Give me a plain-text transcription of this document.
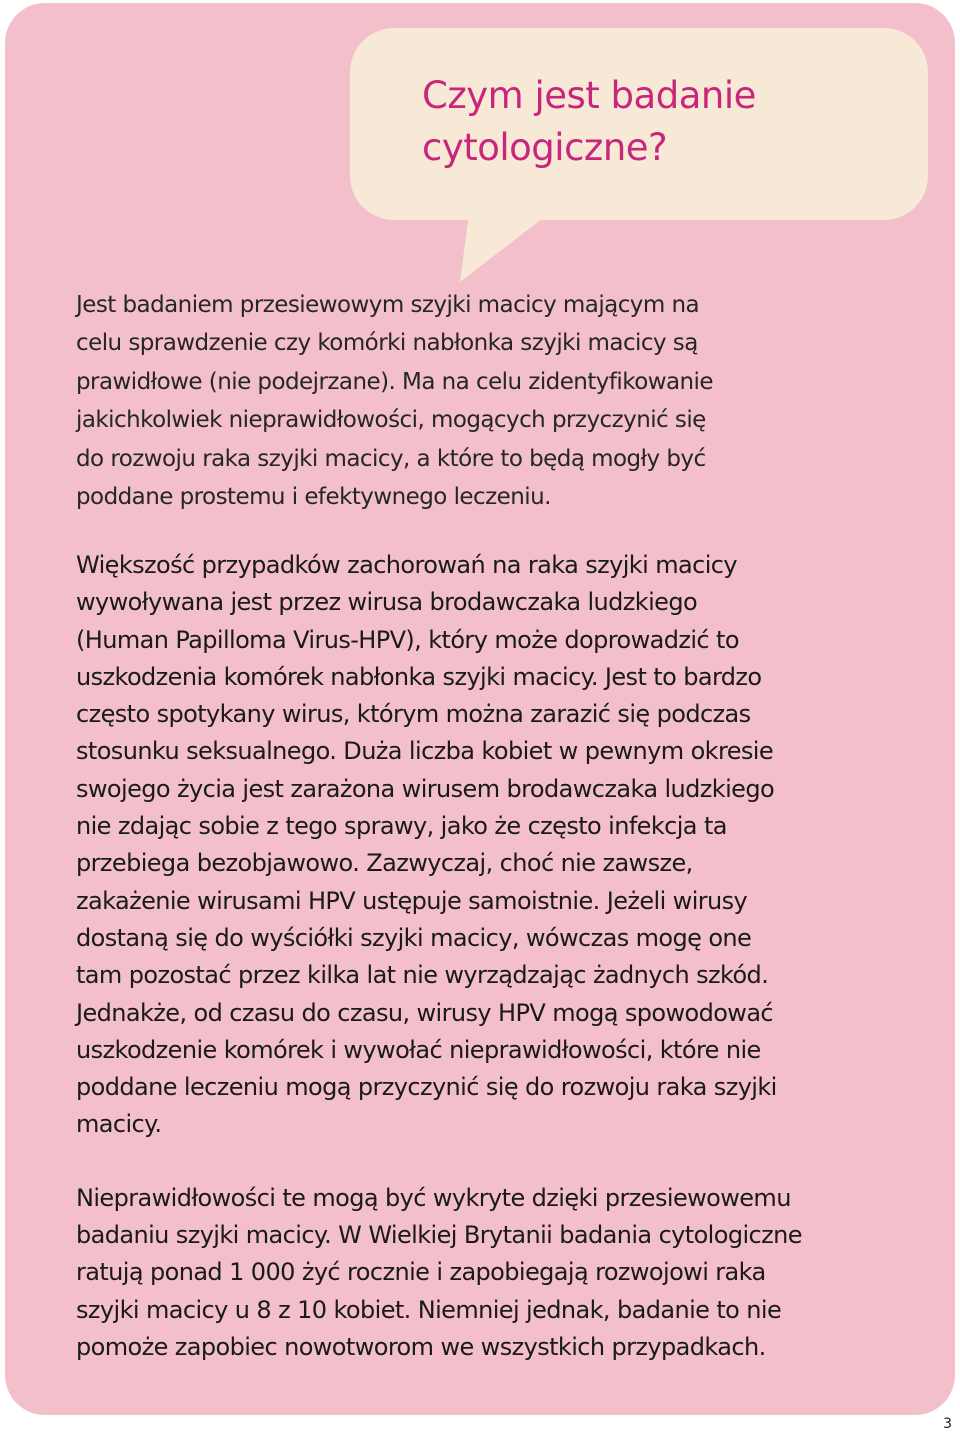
Czym jest badanie
cytologiczne?

Jest badaniem przesiewowym szyjki macicy mającym na
celu sprawdzenie czy komórki nabłonka szyjki macicy są
prawidłowe (nie podejrzane). Ma na celu zidentyfikowanie
jakichkolwiek nieprawidłowości, mogących przyczynić się
do rozwoju raka szyjki macicy, a które to będą mogły być
poddane prostemu i efektywnego leczeniu.

Większość przypadków zachorowań na raka szyjki macicy
wywoływana jest przez wirusa brodawczaka ludzkiego
(Human Papilloma Virus-HPV), który może doprowadzić to
uszkodzenia komórek nabłonka szyjki macicy. Jest to bardzo
często spotykany wirus, którym można zarazić się podczas
stosunku seksualnego. Duża liczba kobiet w pewnym okresie
swojego życia jest zarażona wirusem brodawczaka ludzkiego
nie zdając sobie z tego sprawy, jako że często infekcja ta
przebiega bezobjawowo. Zazwyczaj, choć nie zawsze,
zakażenie wirusami HPV ustępuje samoistnie. Jeżeli wirusy
dostaną się do wyściółki szyjki macicy, wówczas mogę one
tam pozostać przez kilka lat nie wyrządzając żadnych szkód.
Jednakże, od czasu do czasu, wirusy HPV mogą spowodować
uszkodzenie komórek i wywołać nieprawidłowości, które nie
poddane leczeniu mogą przyczynić się do rozwoju raka szyjki
macicy.

Nieprawidłowości te mogą być wykryte dzięki przesiewowemu
badaniu szyjki macicy. W Wielkiej Brytanii badania cytologiczne
ratują ponad 1 000 żyć rocznie i zapobiegają rozwojowi raka
szyjki macicy u 8 z 10 kobiet. Niemniej jednak, badanie to nie
pomoże zapobiec nowotworom we wszystkich przypadkach.

3
